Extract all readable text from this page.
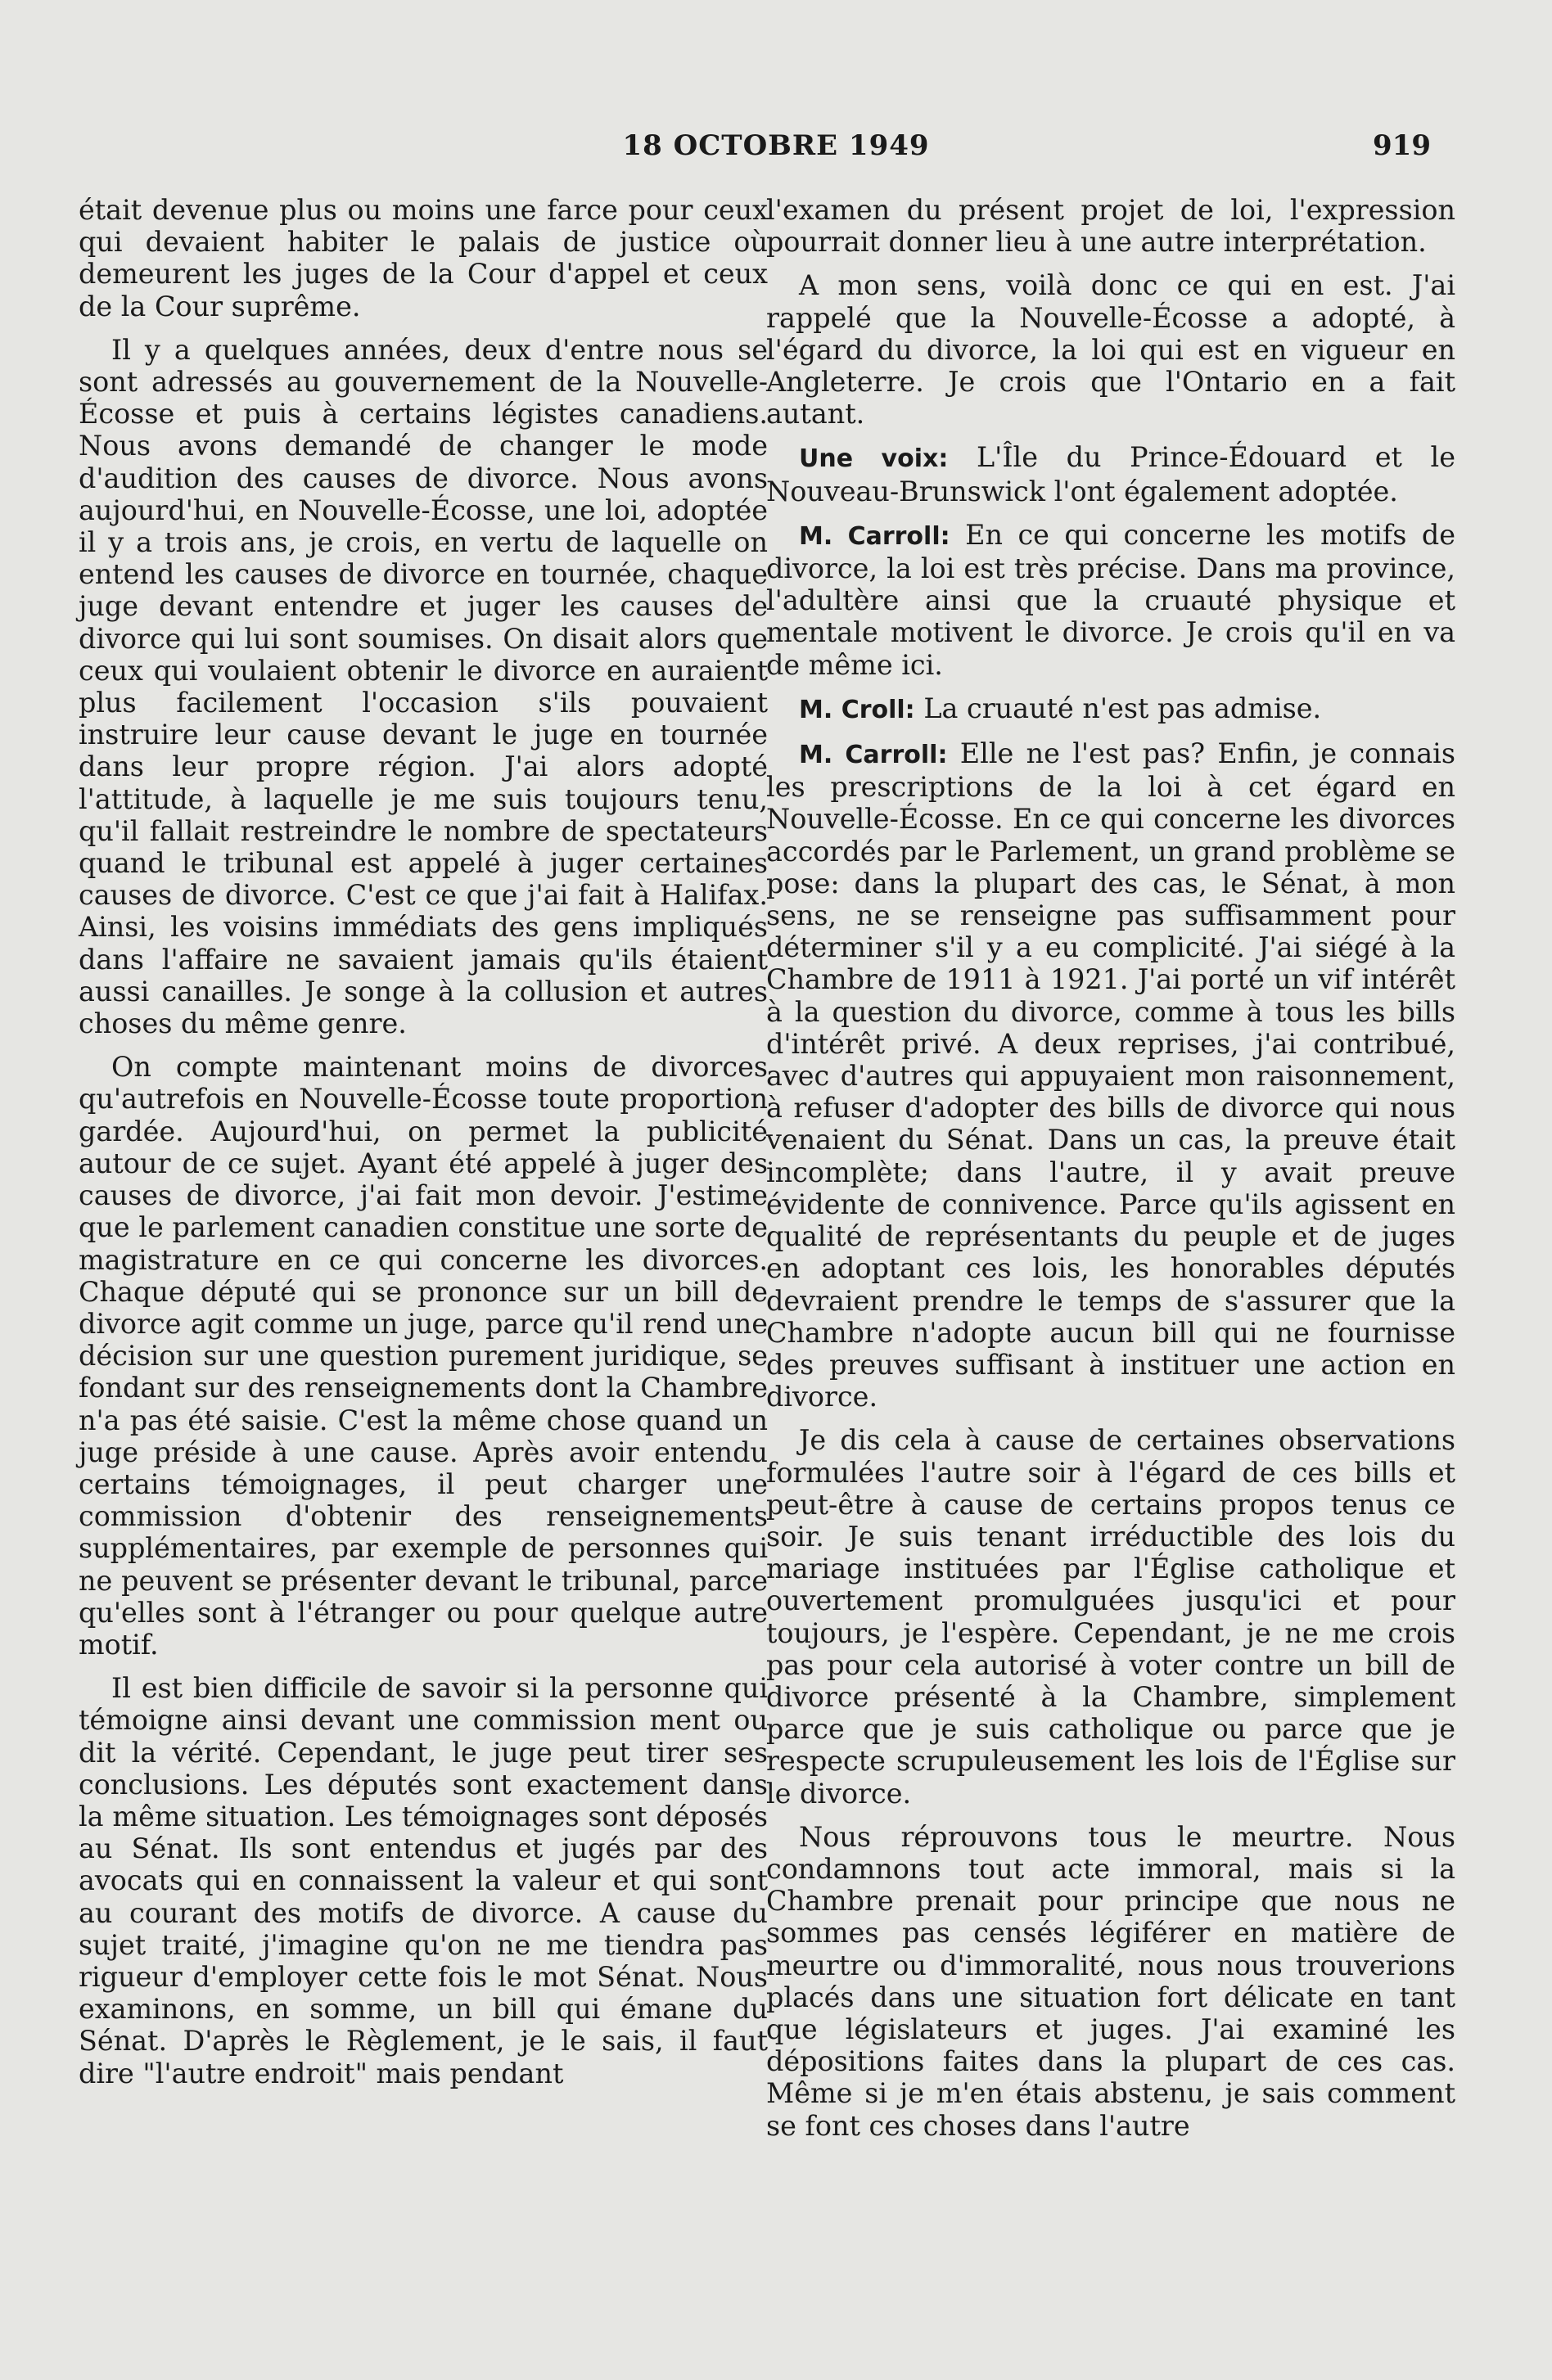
18 OCTOBRE 1949	919

était devenue plus ou moins une farce pour ceux qui devaient habiter le palais de justice où demeurent les juges de la Cour d'appel et ceux de la Cour suprême.

Il y a quelques années, deux d'entre nous se sont adressés au gouvernement de la Nouvelle-Écosse et puis à certains légistes canadiens. Nous avons demandé de changer le mode d'audition des causes de divorce. Nous avons aujourd'hui, en Nouvelle-Écosse, une loi, adoptée il y a trois ans, je crois, en vertu de laquelle on entend les causes de divorce en tournée, chaque juge devant entendre et juger les causes de divorce qui lui sont soumises. On disait alors que ceux qui voulaient obtenir le divorce en auraient plus facilement l'occasion s'ils pouvaient instruire leur cause devant le juge en tournée dans leur propre région. J'ai alors adopté l'attitude, à laquelle je me suis toujours tenu, qu'il fallait restreindre le nombre de spectateurs quand le tribunal est appelé à juger certaines causes de divorce. C'est ce que j'ai fait à Halifax. Ainsi, les voisins immédiats des gens impliqués dans l'affaire ne savaient jamais qu'ils étaient aussi canailles. Je songe à la collusion et autres choses du même genre.

On compte maintenant moins de divorces qu'autrefois en Nouvelle-Écosse toute proportion gardée. Aujourd'hui, on permet la publicité autour de ce sujet. Ayant été appelé à juger des causes de divorce, j'ai fait mon devoir. J'estime que le parlement canadien constitue une sorte de magistrature en ce qui concerne les divorces. Chaque député qui se prononce sur un bill de divorce agit comme un juge, parce qu'il rend une décision sur une question purement juridique, se fondant sur des renseignements dont la Chambre n'a pas été saisie. C'est la même chose quand un juge préside à une cause. Après avoir entendu certains témoignages, il peut charger une commission d'obtenir des renseignements supplémentaires, par exemple de personnes qui ne peuvent se présenter devant le tribunal, parce qu'elles sont à l'étranger ou pour quelque autre motif.

Il est bien difficile de savoir si la personne qui témoigne ainsi devant une commission ment ou dit la vérité. Cependant, le juge peut tirer ses conclusions. Les députés sont exactement dans la même situation. Les témoignages sont déposés au Sénat. Ils sont entendus et jugés par des avocats qui en connaissent la valeur et qui sont au courant des motifs de divorce. A cause du sujet traité, j'imagine qu'on ne me tiendra pas rigueur d'employer cette fois le mot Sénat. Nous examinons, en somme, un bill qui émane du Sénat. D'après le Règlement, je le sais, il faut dire "l'autre endroit" mais pendant

l'examen du présent projet de loi, l'expression pourrait donner lieu à une autre interprétation.

A mon sens, voilà donc ce qui en est. J'ai rappelé que la Nouvelle-Écosse a adopté, à l'égard du divorce, la loi qui est en vigueur en Angleterre. Je crois que l'Ontario en a fait autant.

Une voix: L'Île du Prince-Édouard et le Nouveau-Brunswick l'ont également adoptée.

M. Carroll: En ce qui concerne les motifs de divorce, la loi est très précise. Dans ma province, l'adultère ainsi que la cruauté physique et mentale motivent le divorce. Je crois qu'il en va de même ici.

M. Croll: La cruauté n'est pas admise.

M. Carroll: Elle ne l'est pas? Enfin, je connais les prescriptions de la loi à cet égard en Nouvelle-Écosse. En ce qui concerne les divorces accordés par le Parlement, un grand problème se pose: dans la plupart des cas, le Sénat, à mon sens, ne se renseigne pas suffisamment pour déterminer s'il y a eu complicité. J'ai siégé à la Chambre de 1911 à 1921. J'ai porté un vif intérêt à la question du divorce, comme à tous les bills d'intérêt privé. A deux reprises, j'ai contribué, avec d'autres qui appuyaient mon raisonnement, à refuser d'adopter des bills de divorce qui nous venaient du Sénat. Dans un cas, la preuve était incomplète; dans l'autre, il y avait preuve évidente de connivence. Parce qu'ils agissent en qualité de représentants du peuple et de juges en adoptant ces lois, les honorables députés devraient prendre le temps de s'assurer que la Chambre n'adopte aucun bill qui ne fournisse des preuves suffisant à instituer une action en divorce.

Je dis cela à cause de certaines observations formulées l'autre soir à l'égard de ces bills et peut-être à cause de certains propos tenus ce soir. Je suis tenant irréductible des lois du mariage instituées par l'Église catholique et ouvertement promulguées jusqu'ici et pour toujours, je l'espère. Cependant, je ne me crois pas pour cela autorisé à voter contre un bill de divorce présenté à la Chambre, simplement parce que je suis catholique ou parce que je respecte scrupuleusement les lois de l'Église sur le divorce.

Nous réprouvons tous le meurtre. Nous condamnons tout acte immoral, mais si la Chambre prenait pour principe que nous ne sommes pas censés légiférer en matière de meurtre ou d'immoralité, nous nous trouverions placés dans une situation fort délicate en tant que législateurs et juges. J'ai examiné les dépositions faites dans la plupart de ces cas. Même si je m'en étais abstenu, je sais comment se font ces choses dans l'autre
